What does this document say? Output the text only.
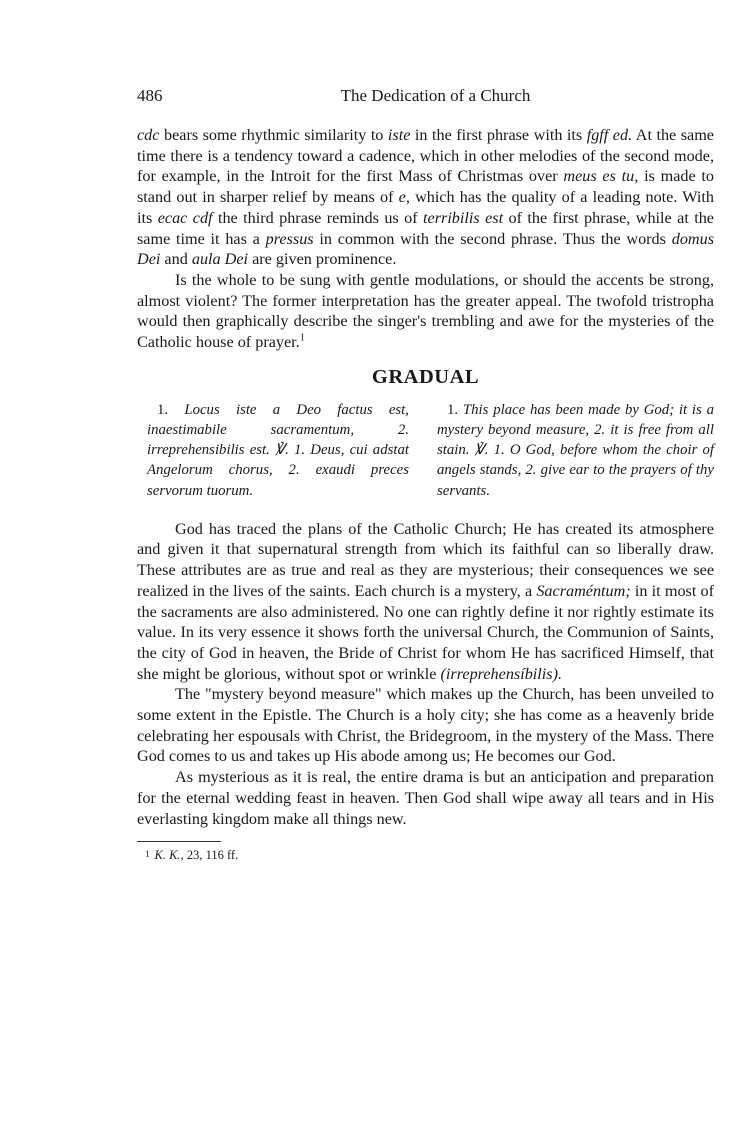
486	The Dedication of a Church

cdc bears some rhythmic similarity to iste in the first phrase with its fgff ed. At the same time there is a tendency toward a cadence, which in other melodies of the second mode, for example, in the Introit for the first Mass of Christmas over meus es tu, is made to stand out in sharper relief by means of e, which has the quality of a leading note. With its ecac cdf the third phrase reminds us of terribilis est of the first phrase, while at the same time it has a pressus in common with the second phrase. Thus the words domus Dei and aula Dei are given prominence.

Is the whole to be sung with gentle modulations, or should the accents be strong, almost violent? The former interpretation has the greater appeal. The twofold tristropha would then graphically describe the singer's trembling and awe for the mysteries of the Catholic house of prayer.$^1$

GRADUAL
1. Locus iste a Deo factus est, inaestimabile sacramentum, 2. irreprehensibilis est. ℣. 1. Deus, cui adstat Angelorum chorus, 2. exaudi preces servorum tuorum.
1. This place has been made by God; it is a mystery beyond measure, 2. it is free from all stain. ℣. 1. O God, before whom the choir of angels stands, 2. give ear to the prayers of thy servants.

God has traced the plans of the Catholic Church; He has created its atmosphere and given it that supernatural strength from which its faithful can so liberally draw. These attributes are as true and real as they are mysterious; their consequences we see realized in the lives of the saints. Each church is a mystery, a Sacraméntum; in it most of the sacraments are also administered. No one can rightly define it nor rightly estimate its value. In its very essence it shows forth the universal Church, the Communion of Saints, the city of God in heaven, the Bride of Christ for whom He has sacrificed Himself, that she might be glorious, without spot or wrinkle (irreprehensíbilis).

The "mystery beyond measure" which makes up the Church, has been unveiled to some extent in the Epistle. The Church is a holy city; she has come as a heavenly bride celebrating her espousals with Christ, the Bridegroom, in the mystery of the Mass. There God comes to us and takes up His abode among us; He becomes our God.

As mysterious as it is real, the entire drama is but an anticipation and preparation for the eternal wedding feast in heaven. Then God shall wipe away all tears and in His everlasting kingdom make all things new.

1 K. K., 23, 116 ff.
